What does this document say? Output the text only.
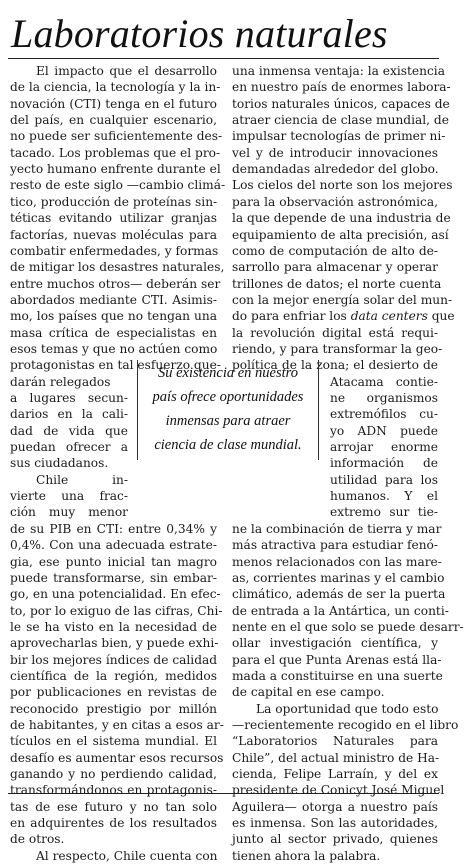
Laboratorios naturales
El impacto que el desarrollo
de la ciencia, la tecnología y la in-
novación (CTI) tenga en el futuro
del país, en cualquier escenario,
no puede ser suficientemente des-
tacado. Los problemas que el pro-
yecto humano enfrente durante el
resto de este siglo —cambio climá-
tico, producción de proteínas sin-
téticas evitando utilizar granjas
factorías, nuevas moléculas para
combatir enfermedades, y formas
de mitigar los desastres naturales,
entre muchos otros— deberán ser
abordados mediante CTI. Asimis-
mo, los países que no tengan una
masa crítica de especialistas en
esos temas y que no actúen como
protagonistas en tal esfuerzo que-
darán relegados
a lugares secun-
darios en la cali-
dad de vida que
puedan ofrecer a
sus ciudadanos.
Chile in-
vierte una frac-
ción muy menor
de su PIB en CTI: entre 0,34% y
0,4%. Con una adecuada estrate-
gia, ese punto inicial tan magro
puede transformarse, sin embar-
go, en una potencialidad. En efec-
to, por lo exiguo de las cifras, Chi-
le se ha visto en la necesidad de
aprovecharlas bien, y puede exhi-
bir los mejores índices de calidad
científica de la región, medidos
por publicaciones en revistas de
reconocido prestigio por millón
de habitantes, y en citas a esos ar-
tículos en el sistema mundial. El
desafío es aumentar esos recursos
ganando y no perdiendo calidad,
transformándonos en protagonis-
tas de ese futuro y no tan solo
en adquirentes de los resultados
de otros.
Al respecto, Chile cuenta con
una inmensa ventaja: la existencia
en nuestro país de enormes labora-
torios naturales únicos, capaces de
atraer ciencia de clase mundial, de
impulsar tecnologías de primer ni-
vel y de introducir innovaciones
demandadas alrededor del globo.
Los cielos del norte son los mejores
para la observación astronómica,
la que depende de una industria de
equipamiento de alta precisión, así
como de computación de alto de-
sarrollo para almacenar y operar
trillones de datos; el norte cuenta
con la mejor energía solar del mun-
do para enfriar los data centers que
la revolución digital está requi-
riendo, y para transformar la geo-
política de la zona; el desierto de
Atacama contie-
ne organismos
extremófilos cu-
yo ADN puede
arrojar enorme
información de
utilidad para los
humanos. Y el
extremo sur tie-
ne la combinación de tierra y mar
más atractiva para estudiar fenó-
menos relacionados con las mare-
as, corrientes marinas y el cambio
climático, además de ser la puerta
de entrada a la Antártica, un conti-
nente en el que solo se puede desarr-
ollar investigación científica, y
para el que Punta Arenas está lla-
mada a constituirse en una suerte
de capital en ese campo.
La oportunidad que todo esto
—recientemente recogido en el libro
“Laboratorios Naturales para
Chile”, del actual ministro de Ha-
cienda, Felipe Larraín, y del ex
presidente de Conicyt José Miguel
Aguilera— otorga a nuestro país
es inmensa. Son las autoridades,
junto al sector privado, quienes
tienen ahora la palabra.
Su existencia en nuestro
país ofrece oportunidades
inmensas para atraer
ciencia de clase mundial.
